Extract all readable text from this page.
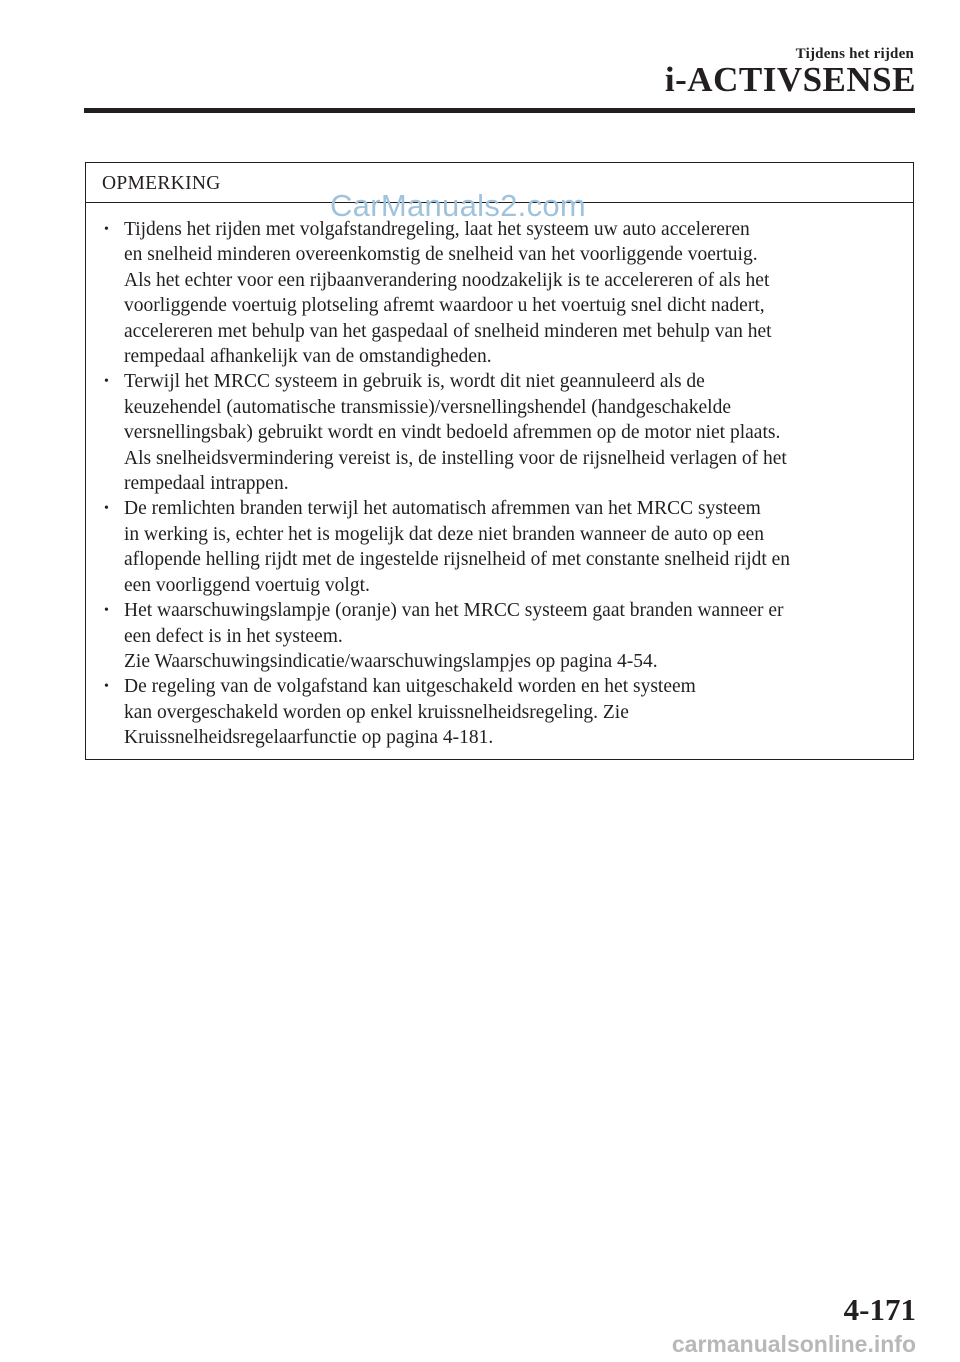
Tijdens het rijden
i-ACTIVSENSE
OPMERKING
• Tijdens het rijden met volgafstandregeling, laat het systeem uw auto accelereren
en snelheid minderen overeenkomstig de snelheid van het voorliggende voertuig.
Als het echter voor een rijbaanverandering noodzakelijk is te accelereren of als het
voorliggende voertuig plotseling afremt waardoor u het voertuig snel dicht nadert,
accelereren met behulp van het gaspedaal of snelheid minderen met behulp van het
rempedaal afhankelijk van de omstandigheden.
• Terwijl het MRCC systeem in gebruik is, wordt dit niet geannuleerd als de
keuzehendel (automatische transmissie)/versnellingshendel (handgeschakelde
versnellingsbak) gebruikt wordt en vindt bedoeld afremmen op de motor niet plaats.
Als snelheidsvermindering vereist is, de instelling voor de rijsnelheid verlagen of het
rempedaal intrappen.
• De remlichten branden terwijl het automatisch afremmen van het MRCC systeem
in werking is, echter het is mogelijk dat deze niet branden wanneer de auto op een
aflopende helling rijdt met de ingestelde rijsnelheid of met constante snelheid rijdt en
een voorliggend voertuig volgt.
• Het waarschuwingslampje (oranje) van het MRCC systeem gaat branden wanneer er
een defect is in het systeem.
Zie Waarschuwingsindicatie/waarschuwingslampjes op pagina 4-54.
• De regeling van de volgafstand kan uitgeschakeld worden en het systeem
kan overgeschakeld worden op enkel kruissnelheidsregeling. Zie
Kruissnelheidsregelaarfunctie op pagina 4-181.
CarManuals2.com
4-171
carmanualsonline.info
